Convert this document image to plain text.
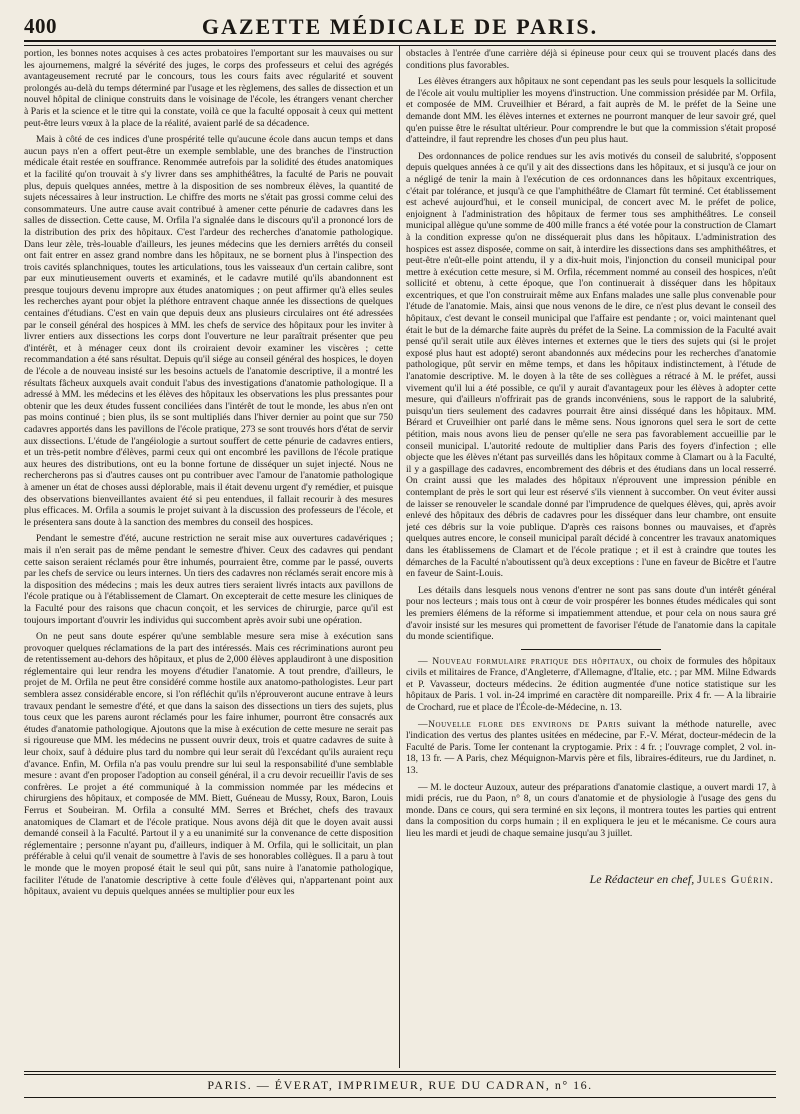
400	GAZETTE MÉDICALE DE PARIS.

portion, les bonnes notes acquises à ces actes probatoires l'emportant sur les mauvaises ou sur les ajournemens, malgré la sévérité des juges, le corps des professeurs et celui des agrégés avantageusement recruté par le concours, tous les cours faits avec régularité et souvent prolongés au-delà du temps déterminé par l'usage et les règlemens, des salles de dissection et un nouvel hôpital de clinique construits dans le voisinage de l'école, les étrangers venant chercher à Paris et la science et le titre qui la constate, voilà ce que la faculté opposait à ceux qui mettent peut-être leurs vœux à la place de la réalité, avaient parlé de sa décadence.

Mais à côté de ces indices d'une prospérité telle qu'aucune école dans aucun temps et dans aucun pays n'en a offert peut-être un exemple semblable, une des branches de l'instruction médicale était restée en souffrance. Renommée autrefois par la solidité des études anatomiques et la facilité qu'on trouvait à s'y livrer dans ses amphithéâtres, la faculté de Paris ne pouvait plus, depuis quelques années, mettre à la disposition de ses nombreux élèves, la quantité de sujets nécessaires à leur instruction. Le chiffre des morts ne s'était pas grossi comme celui des consommateurs. Une autre cause avait contribué à amener cette pénurie de cadavres dans les salles de dissection. Cette cause, M. Orfila l'a signalée dans le discours qu'il a prononcé lors de la distribution des prix des hôpitaux. C'est l'ardeur des recherches d'anatomie pathologique. Dans leur zèle, très-louable d'ailleurs, les jeunes médecins que les derniers arrêtés du conseil ont fait entrer en assez grand nombre dans les hôpitaux, ne se bornent plus à l'inspection des trois cavités splanchniques, toutes les articulations, tous les vaisseaux d'un certain calibre, sont par eux minutieusement ouverts et examinés, et le cadavre mutilé qu'ils abandonnent est presque toujours devenu impropre aux études anatomiques ; on peut affirmer qu'à elles seules les recherches ayant pour objet la pléthore entravent chaque année les dissections de quelques centaines d'étudians. C'est en vain que depuis deux ans plusieurs circulaires ont été adressées par le conseil général des hospices à MM. les chefs de service des hôpitaux pour les inviter à livrer entiers aux dissections les corps dont l'ouverture ne leur paraîtrait présenter que peu d'intérêt, et à ménager ceux dont ils croiraient devoir examiner les viscères ; cette recommandation a été sans résultat. Depuis qu'il siége au conseil général des hospices, le doyen de l'école a de nouveau insisté sur les besoins actuels de l'anatomie descriptive, il a montré les résultats fâcheux auxquels avait conduit l'abus des investigations d'anatomie pathologique. Il a adressé à MM. les médecins et les élèves des hôpitaux les observations les plus pressantes pour obtenir que les deux études fussent conciliées dans l'intérêt de tout le monde, les abus n'en ont pas moins continué ; bien plus, ils se sont multipliés dans l'hiver dernier au point que sur 750 cadavres apportés dans les pavillons de l'école pratique, 273 se sont trouvés hors d'état de servir aux dissections. L'étude de l'angéiologie a surtout souffert de cette pénurie de cadavres entiers, et un très-petit nombre d'élèves, parmi ceux qui ont encombré les pavillons de l'école pratique aux heures des distributions, ont eu la bonne fortune de disséquer un sujet injecté. Nous ne rechercherons pas si d'autres causes ont pu contribuer avec l'amour de l'anatomie pathologique à amener un état de choses aussi déplorable, mais il était devenu urgent d'y remédier, et puisque des observations bienveillantes avaient été si peu entendues, il fallait recourir à des mesures plus efficaces. M. Orfila a soumis le projet suivant à la discussion des professeurs de l'école, et le présentera sans doute à la sanction des membres du conseil des hospices.

Pendant le semestre d'été, aucune restriction ne serait mise aux ouvertures cadavériques ; mais il n'en serait pas de même pendant le semestre d'hiver. Ceux des cadavres qui pendant cette saison seraient réclamés pour être inhumés, pourraient être, comme par le passé, ouverts par les chefs de service ou leurs internes. Un tiers des cadavres non réclamés serait encore mis à la disposition des médecins ; mais les deux autres tiers seraient livrés intacts aux pavillons de l'école pratique ou à l'établissement de Clamart. On excepterait de cette mesure les cliniques de la Faculté pour des raisons que chacun conçoit, et les services de chirurgie, parce qu'il est toujours important d'ouvrir les individus qui succombent après avoir subi une opération.

On ne peut sans doute espérer qu'une semblable mesure sera mise à exécution sans provoquer quelques réclamations de la part des intéressés. Mais ces récriminations auront peu de retentissement au-dehors des hôpitaux, et plus de 2,000 élèves applaudiront à une disposition réglementaire qui leur rendra les moyens d'étudier l'anatomie. A tout prendre, d'ailleurs, le projet de M. Orfila ne peut être considéré comme hostile aux anatomo-pathologistes. Leur part semblera assez considérable encore, si l'on réfléchit qu'ils n'éprouveront aucune entrave à leurs travaux pendant le semestre d'été, et que dans la saison des dissections un tiers des sujets, plus tous ceux que les parens auront réclamés pour les faire inhumer, pourront être consacrés aux études d'anatomie pathologique. Ajoutons que la mise à exécution de cette mesure ne serait pas si rigoureuse que MM. les médecins ne pussent ouvrir deux, trois et quatre cadavres de suite à leur choix, sauf à déduire plus tard du nombre qui leur serait dû l'excédant qu'ils auraient reçu d'avance. Enfin, M. Orfila n'a pas voulu prendre sur lui seul la responsabilité d'une semblable mesure : avant d'en proposer l'adoption au conseil général, il a cru devoir recueillir l'avis de ses confrères. Le projet a été communiqué à la commission nommée par les médecins et chirurgiens des hôpitaux, et composée de MM. Biett, Guéneau de Mussy, Roux, Baron, Louis Ferrus et Soubeiran. M. Orfila a consulté MM. Serres et Bréchet, chefs des travaux anatomiques de Clamart et de l'école pratique. Nous avons déjà dit que le doyen avait aussi demandé conseil à la Faculté. Partout il y a eu unanimité sur la convenance de cette disposition réglementaire ; personne n'ayant pu, d'ailleurs, indiquer à M. Orfila, qui le sollicitait, un plan préférable à celui qu'il venait de soumettre à l'avis de ses honorables collègues. Il a paru à tout le monde que le moyen proposé était le seul qui pût, sans nuire à l'anatomie pathologique, faciliter l'étude de l'anatomie descriptive à cette foule d'élèves qui, n'appartenant point aux hôpitaux, avaient vu depuis quelques années se multiplier pour eux les

obstacles à l'entrée d'une carrière déjà si épineuse pour ceux qui se trouvent placés dans des conditions plus favorables.

Les élèves étrangers aux hôpitaux ne sont cependant pas les seuls pour lesquels la sollicitude de l'école ait voulu multiplier les moyens d'instruction. Une commission présidée par M. Orfila, et composée de MM. Cruveilhier et Bérard, a fait auprès de M. le préfet de la Seine une demande dont MM. les élèves internes et externes ne pourront manquer de leur savoir gré, quel qu'en puisse être le résultat ultérieur. Pour comprendre le but que la commission s'était proposé d'atteindre, il faut reprendre les choses d'un peu plus haut.

Des ordonnances de police rendues sur les avis motivés du conseil de salubrité, s'opposent depuis quelques années à ce qu'il y ait des dissections dans les hôpitaux, et si jusqu'à ce jour on a négligé de tenir la main à l'exécution de ces ordonnances dans les hôpitaux excentriques, c'était par tolérance, et jusqu'à ce que l'amphithéâtre de Clamart fût terminé. Cet établissement est achevé aujourd'hui, et le conseil municipal, de concert avec M. le préfet de police, enjoignent à l'administration des hôpitaux de fermer tous ses amphithéâtres. Le conseil municipal allègue qu'une somme de 400 mille francs a été votée pour la construction de Clamart à la condition expresse qu'on ne disséquerait plus dans les hôpitaux. L'administration des hospices est assez disposée, comme on sait, à interdire les dissections dans ses amphithéâtres, et peut-être n'eût-elle point attendu, il y a dix-huit mois, l'injonction du conseil municipal pour mettre à exécution cette mesure, si M. Orfila, récemment nommé au conseil des hospices, n'eût sollicité et obtenu, à cette époque, que l'on continuerait à disséquer dans les hôpitaux excentriques, et que l'on construirait même aux Enfans malades une salle plus convenable pour l'étude de l'anatomie. Mais, ainsi que nous venons de le dire, ce n'est plus devant le conseil des hôpitaux, c'est devant le conseil municipal que l'affaire est pendante ; or, voici maintenant quel était le but de la démarche faite auprès du préfet de la Seine. La commission de la Faculté avait pensé qu'il serait utile aux élèves internes et externes que le tiers des sujets qui (si le projet exposé plus haut est adopté) seront abandonnés aux médecins pour les recherches d'anatomie pathologique, pût servir en même temps, et dans les hôpitaux indistinctement, à l'étude de l'anatomie descriptive. M. le doyen à la tête de ses collègues a rétracé à M. le préfet, aussi vivement qu'il lui a été possible, ce qu'il y aurait d'avantageux pour les élèves à adopter cette mesure, qui d'ailleurs n'offrirait pas de grands inconvéniens, sous le rapport de la salubrité, puisqu'un tiers seulement des cadavres pourrait être ainsi disséqué dans les hôpitaux. MM. Bérard et Cruveilhier ont parlé dans le même sens. Nous ignorons quel sera le sort de cette pétition, mais nous avons lieu de penser qu'elle ne sera pas favorablement accueillie par le conseil municipal. L'autorité redoute de multiplier dans Paris des foyers d'infection ; elle objecte que les élèves n'étant pas surveillés dans les hôpitaux comme à Clamart ou à la Faculté, il y a gaspillage des cadavres, encombrement des débris et des étudians dans un local resserré. On craint aussi que les malades des hôpitaux n'éprouvent une impression pénible en contemplant de près le sort qui leur est réservé s'ils viennent à succomber. On veut éviter aussi de laisser se renouveler le scandale donné par l'imprudence de quelques élèves, qui, après avoir enlevé des hôpitaux des débris de cadavres pour les disséquer dans leur chambre, ont ensuite jeté ces débris sur la voie publique. D'après ces raisons bonnes ou mauvaises, et d'après quelques autres encore, le conseil municipal paraît décidé à concentrer les travaux anatomiques dans les établissemens de Clamart et de l'école pratique ; et il est à craindre que toutes les démarches de la Faculté n'aboutissent qu'à deux exceptions : l'une en faveur de Bicêtre et l'autre en faveur de Saint-Louis.

Les détails dans lesquels nous venons d'entrer ne sont pas sans doute d'un intérêt général pour nos lecteurs ; mais tous ont à cœur de voir prospérer les bonnes études médicales qui sont les premiers élémens de la réforme si impatiemment attendue, et pour cela on nous saura gré d'avoir insisté sur les mesures qui promettent de favoriser l'étude de l'anatomie dans la capitale du monde scientifique.

— Nouveau formulaire pratique des hôpitaux, ou choix de formules des hôpitaux civils et militaires de France, d'Angleterre, d'Allemagne, d'Italie, etc. ; par MM. Milne Edwards et P. Vavasseur, docteurs médecins. 2e édition augmentée d'une notice statistique sur les hôpitaux de Paris. 1 vol. in-24 imprimé en caractère dit nompareille. Prix 4 fr. — A la librairie de Crochard, rue et place de l'École-de-Médecine, n. 13.

—Nouvelle flore des environs de Paris suivant la méthode naturelle, avec l'indication des vertus des plantes usitées en médecine, par F.-V. Mérat, docteur-médecin de la Faculté de Paris. Tome Ier contenant la cryptogamie. Prix : 4 fr. ; l'ouvrage complet, 2 vol. in-18, 13 fr. — A Paris, chez Méquignon-Marvis père et fils, libraires-éditeurs, rue du Jardinet, n. 13.

— M. le docteur Auzoux, auteur des préparations d'anatomie clastique, a ouvert mardi 17, à midi précis, rue du Paon, n° 8, un cours d'anatomie et de physiologie à l'usage des gens du monde. Dans ce cours, qui sera terminé en six leçons, il montrera toutes les parties qui entrent dans la composition du corps humain ; il en expliquera le jeu et le mécanisme. Ce cours aura lieu les mardi et jeudi de chaque semaine jusqu'au 3 juillet.

Le Rédacteur en chef, Jules Guérin.
PARIS. — ÉVERAT, IMPRIMEUR, RUE DU CADRAN, n° 16.
